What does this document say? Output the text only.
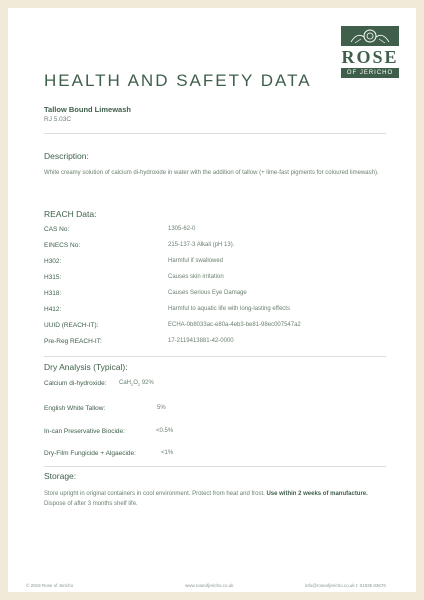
ROSE
OF JERICHO
HEALTH AND SAFETY DATA
Tallow Bound Limewash
RJ 5.03C
Description:
White creamy solution of calcium di-hydroxide in water with the addition of tallow (+ lime-fast pigments for coloured limewash).
REACH Data:
CAS No:	1305-62-0
EINECS No:	215-137-3 Alkali (pH 13).
H302:	Harmful if swallowed
H315:	Causes skin irritation
H318:	Causes Serious Eye Damage
H412:	Harmful to aquatic life with long-lasting effects
UUID (REACH-IT):	ECHA-0b8033ac-e80a-4eb3-be81-98ec007547a2
Pre-Reg REACH-IT:	17-2119413881-42-0000
Dry Analysis (Typical):
Calcium di-hydroxide: $CaH_2O_2$ 92%
English White Tallow:	5%
In-can Preservative Biocide:	<0.5%
Dry-Film Fungicide + Algaecide:	<1%
Storage:
Store upright in original containers in cool environment. Protect from heat and frost. Use within 2 weeks of manufacture. Dispose of after 3 months shelf life.
© 2019 Rose of Jericho	www.roseofjericho.co.uk	info@roseofjericho.co.uk t: 01935 83676
